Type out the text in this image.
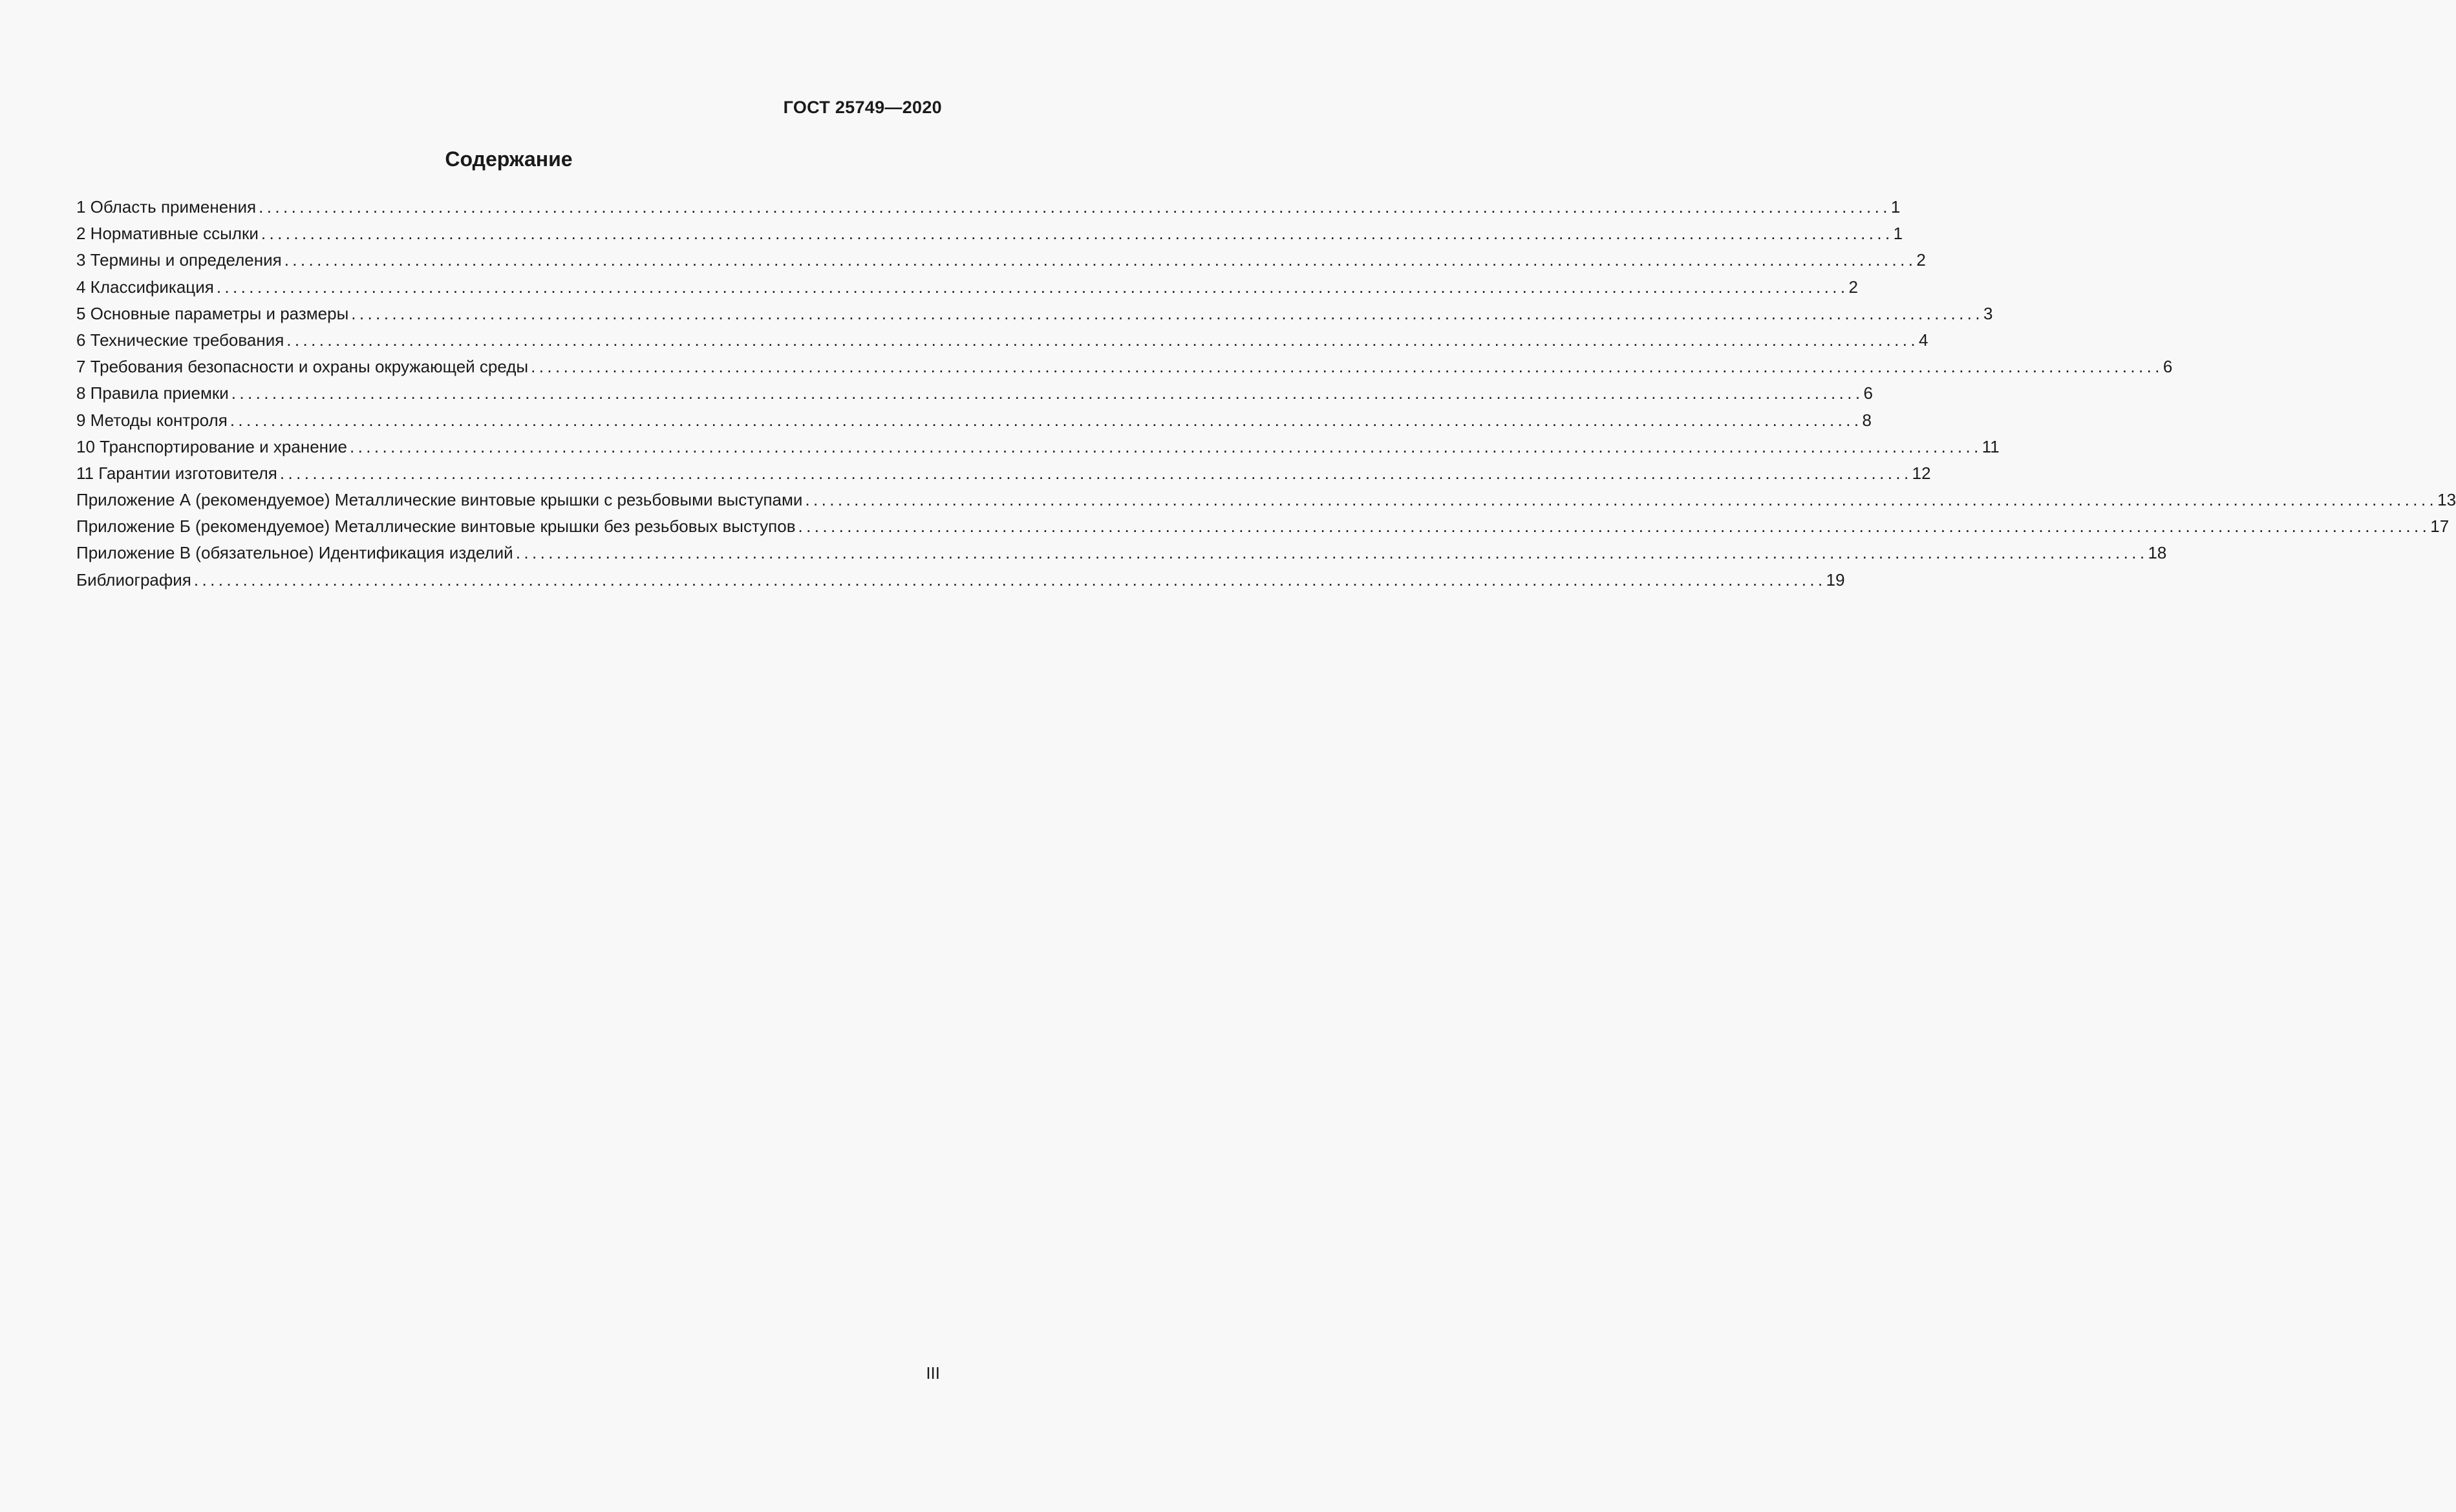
ГОСТ 25749—2020
Содержание
1 Область применения ........................................................................................................................................................................................................ 1
2 Нормативные ссылки ........................................................................................................................................................................................................ 1
3 Термины и определения ........................................................................................................................................................................................................ 2
4 Классификация ........................................................................................................................................................................................................ 2
5 Основные параметры и размеры ........................................................................................................................................................................................................ 3
6 Технические требования ........................................................................................................................................................................................................ 4
7 Требования безопасности и охраны окружающей среды ........................................................................................................................................................................................................ 6
8 Правила приемки ........................................................................................................................................................................................................ 6
9 Методы контроля ........................................................................................................................................................................................................ 8
10 Транспортирование и хранение ........................................................................................................................................................................................................ 11
11 Гарантии изготовителя ........................................................................................................................................................................................................ 12
Приложение А (рекомендуемое) Металлические винтовые крышки с резьбовыми выступами ........................................................................................................................................................................................................ 13
Приложение Б (рекомендуемое) Металлические винтовые крышки без резьбовых выступов ........................................................................................................................................................................................................ 17
Приложение В (обязательное) Идентификация изделий ........................................................................................................................................................................................................ 18
Библиография ........................................................................................................................................................................................................ 19
III
